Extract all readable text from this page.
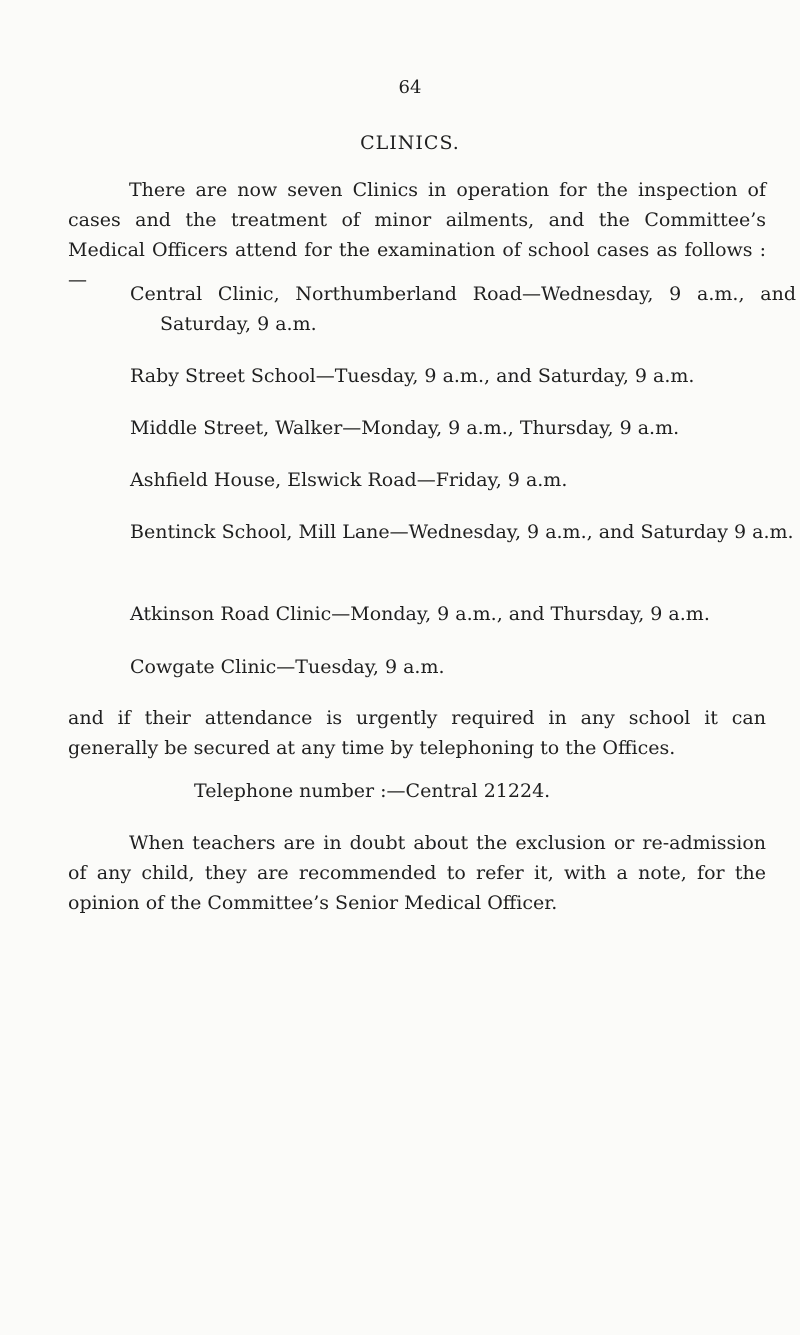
64
CLINICS.

There are now seven Clinics in operation for the inspection of cases and the treatment of minor ailments, and the Committee’s Medical Officers attend for the examination of school cases as follows :—

Central Clinic, Northumberland Road—Wednesday, 9 a.m., and Saturday, 9 a.m.

Raby Street School—Tuesday, 9 a.m., and Saturday, 9 a.m.

Middle Street, Walker—Monday, 9 a.m., Thursday, 9 a.m.

Ashfield House, Elswick Road—Friday, 9 a.m.

Bentinck School, Mill Lane—Wednesday, 9 a.m., and Saturday 9 a.m.

Atkinson Road Clinic—Monday, 9 a.m., and Thursday, 9 a.m.

Cowgate Clinic—Tuesday, 9 a.m.

and if their attendance is urgently required in any school it can generally be secured at any time by telephoning to the Offices.

Telephone number :—Central 21224.

When teachers are in doubt about the exclusion or re-admission of any child, they are recommended to refer it, with a note, for the opinion of the Committee’s Senior Medical Officer.
